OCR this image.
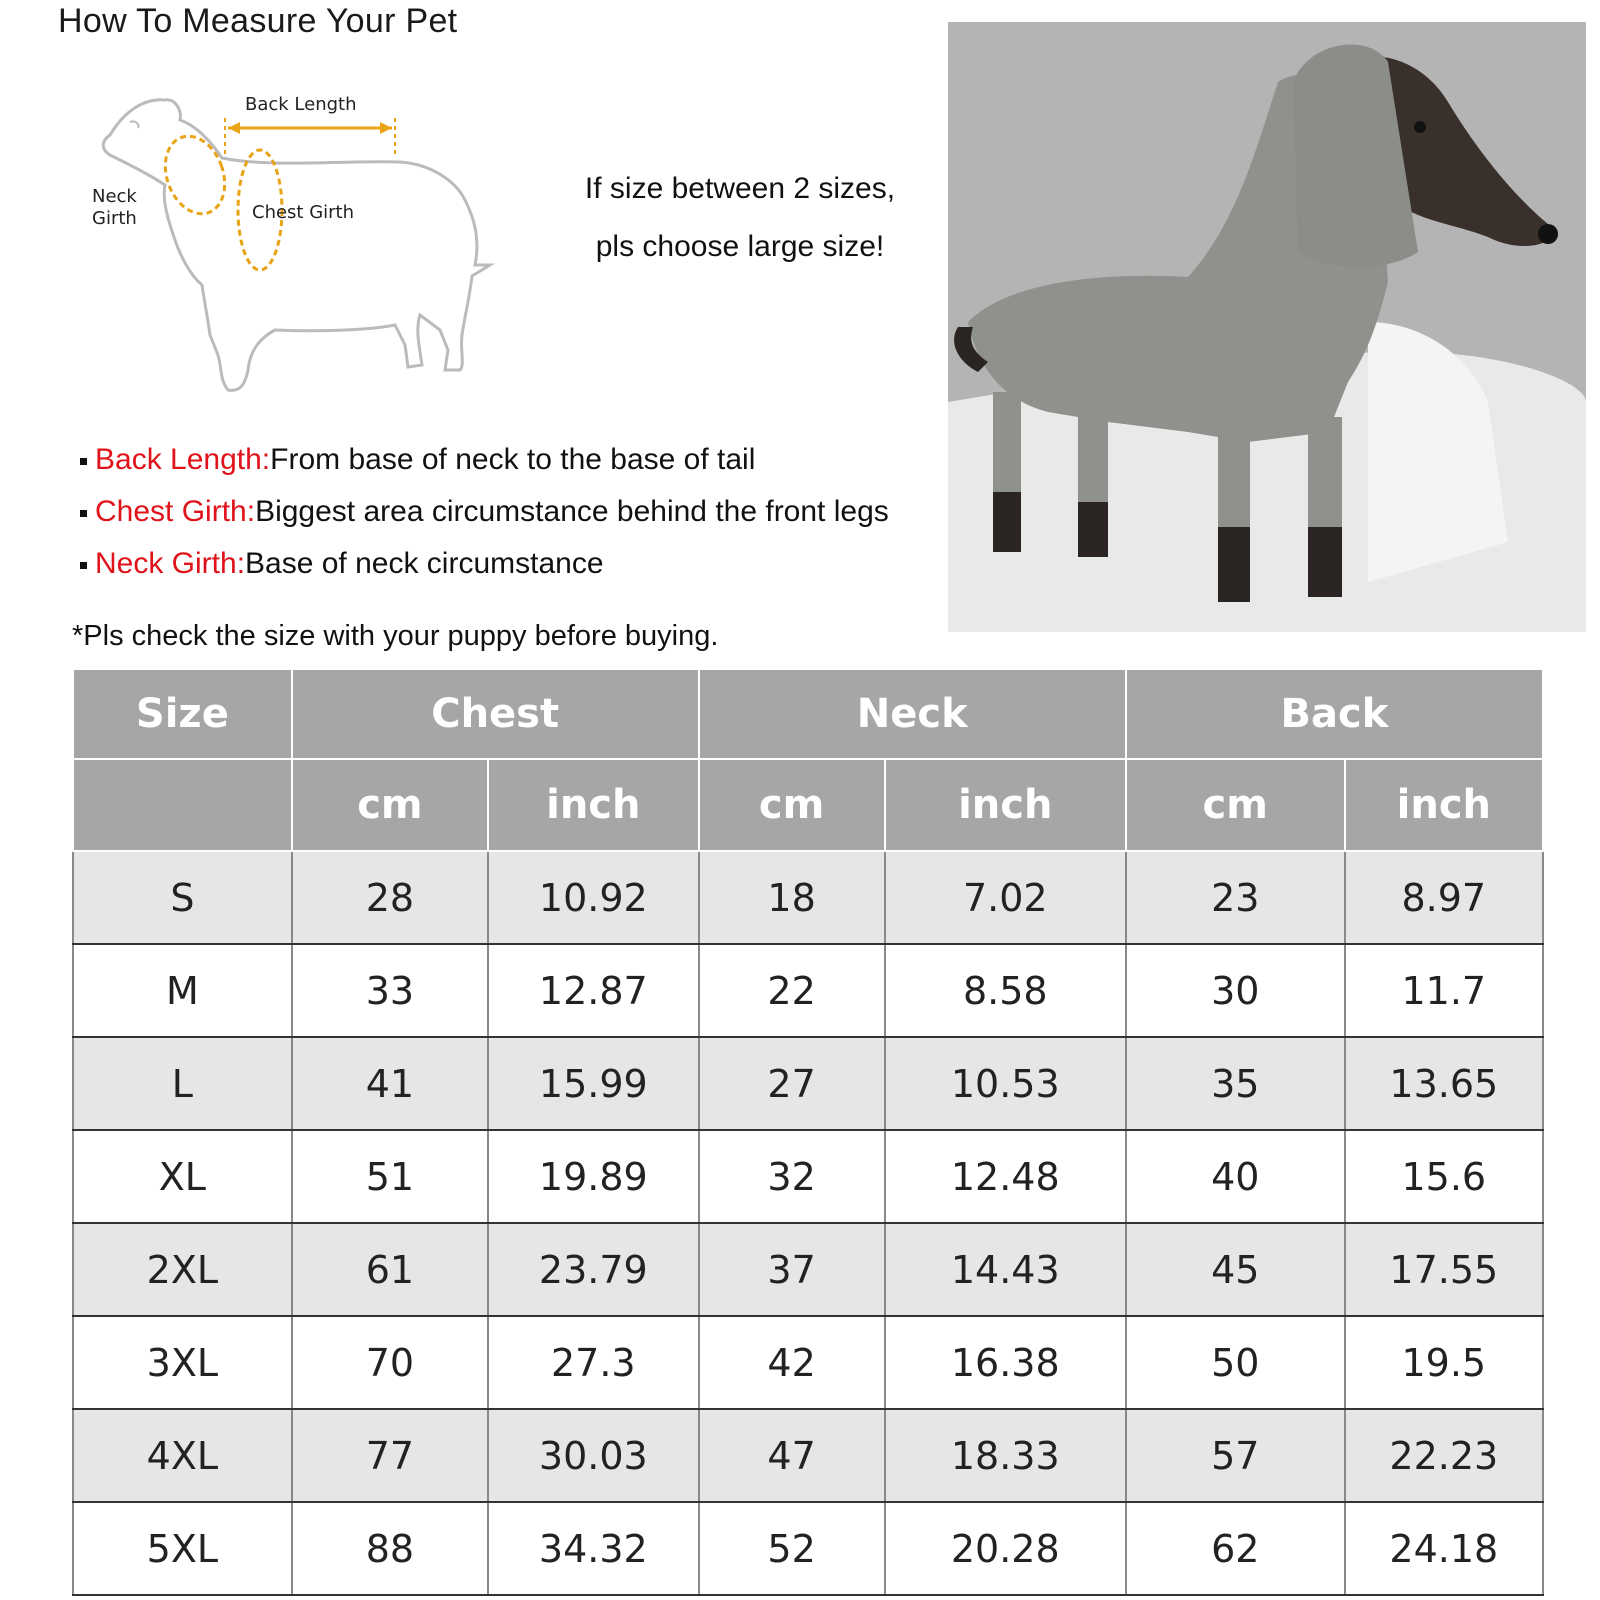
How To Measure Your Pet
Back Length
Neck
Girth	Chest Girth
If size between 2 sizes,
pls choose large size!
Back Length:From base of neck to the base of tail
Chest Girth:Biggest area circumstance behind the front legs
Neck Girth:Base of neck circumstance
*Pls check the size with your puppy before buying.
Size	Chest		Neck		Back	
	cm	inch	cm	inch	cm	inch
S	28	10.92	18	7.02	23	8.97
M	33	12.87	22	8.58	30	11.7
L	41	15.99	27	10.53	35	13.65
XL	51	19.89	32	12.48	40	15.6
2XL	61	23.79	37	14.43	45	17.55
3XL	70	27.3	42	16.38	50	19.5
4XL	77	30.03	47	18.33	57	22.23
5XL	88	34.32	52	20.28	62	24.18
